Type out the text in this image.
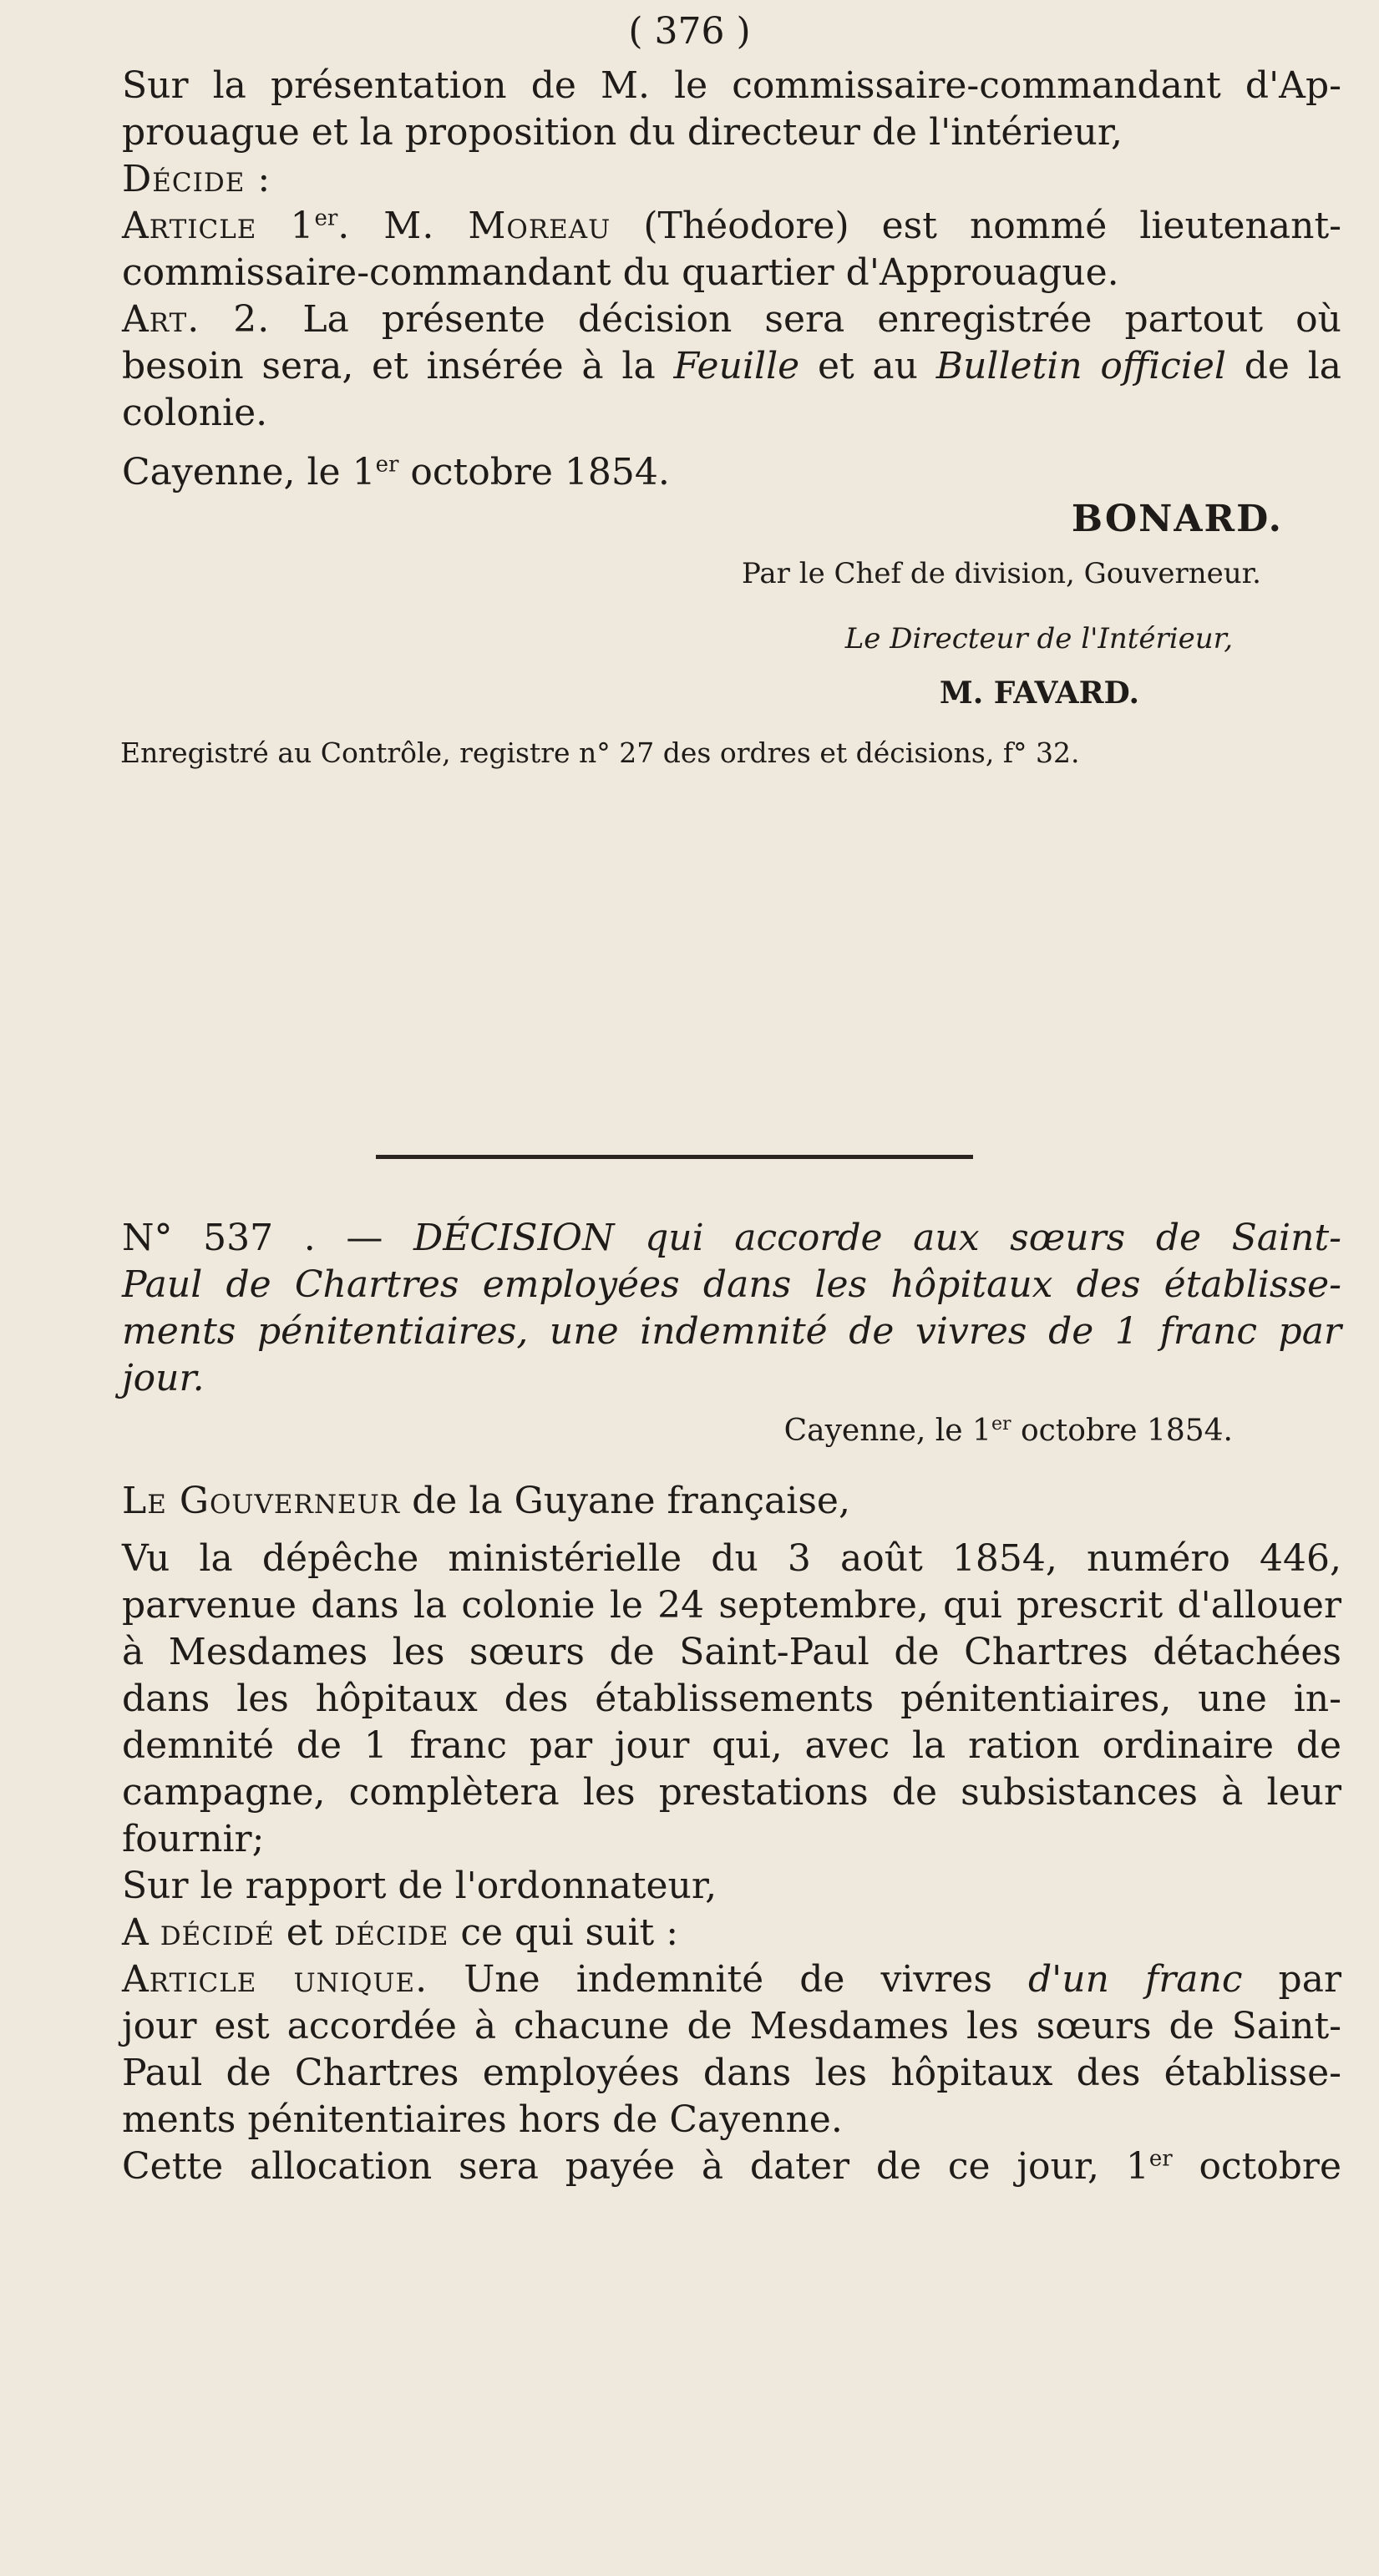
( 376 )
Sur la présentation de M. le commissaire-commandant d'Ap-
prouague et la proposition du directeur de l'intérieur,
Décide :
Article 1er. M. Moreau (Théodore) est nommé lieutenant-
commissaire-commandant du quartier d'Approuague.
Art. 2. La présente décision sera enregistrée partout où
besoin sera, et insérée à la Feuille et au Bulletin officiel de la
colonie.
Cayenne, le 1er octobre 1854.
BONARD.
Par le Chef de division, Gouverneur.
Le Directeur de l'Intérieur,
M. FAVARD.
Enregistré au Contrôle, registre n° 27 des ordres et décisions, f° 32.
N° 537 . — DÉCISION qui accorde aux sœurs de Saint-
Paul de Chartres employées dans les hôpitaux des établisse-
ments pénitentiaires, une indemnité de vivres de 1 franc par
jour.
Cayenne, le 1er octobre 1854.
Le Gouverneur de la Guyane française,
Vu la dépêche ministérielle du 3 août 1854, numéro 446,
parvenue dans la colonie le 24 septembre, qui prescrit d'allouer
à Mesdames les sœurs de Saint-Paul de Chartres détachées
dans les hôpitaux des établissements pénitentiaires, une in-
demnité de 1 franc par jour qui, avec la ration ordinaire de
campagne, complètera les prestations de subsistances à leur
fournir;
Sur le rapport de l'ordonnateur,
A décidé et décide ce qui suit :
Article unique. Une indemnité de vivres d'un franc par
jour est accordée à chacune de Mesdames les sœurs de Saint-
Paul de Chartres employées dans les hôpitaux des établisse-
ments pénitentiaires hors de Cayenne.
Cette allocation sera payée à dater de ce jour, 1er octobre
